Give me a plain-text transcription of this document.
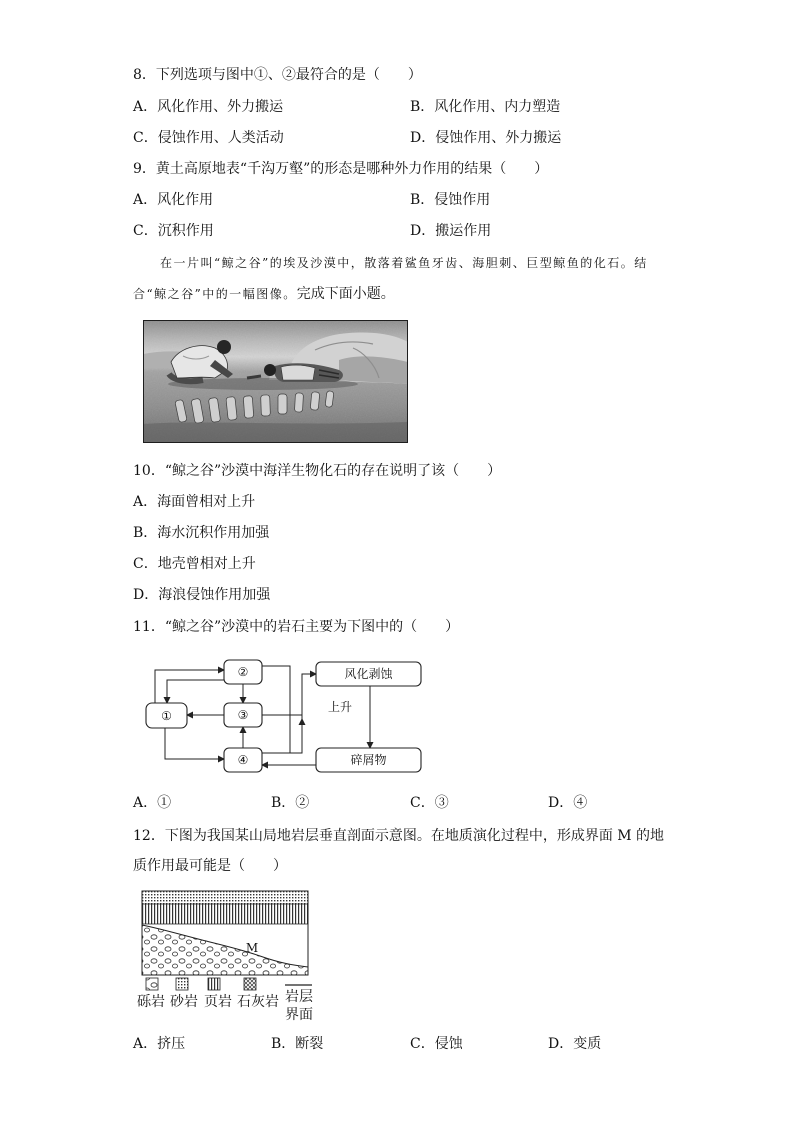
8．下列选项与图中①、②最符合的是（　　）
A．风化作用、外力搬运	B．风化作用、内力塑造
C．侵蚀作用、人类活动	D．侵蚀作用、外力搬运
9．黄土高原地表“千沟万壑”的形态是哪种外力作用的结果（　　）
A．风化作用	B．侵蚀作用
C．沉积作用	D．搬运作用
在一片叫“鲸之谷”的埃及沙漠中，散落着鲨鱼牙齿、海胆刺、巨型鲸鱼的化石。结
合“鲸之谷”中的一幅图像。完成下面小题。
10．“鲸之谷”沙漠中海洋生物化石的存在说明了该（　　）
A．海面曾相对上升
B．海水沉积作用加强
C．地壳曾相对上升
D．海浪侵蚀作用加强
11．“鲸之谷”沙漠中的岩石主要为下图中的（　　）
②
①	③
④
风化剥蚀
碎屑物
上升
A．①	B．②	C．③	D．④
12．下图为我国某山局地岩层垂直剖面示意图。在地质演化过程中，形成界面 M 的地
质作用最可能是（　　）
M
砾岩 砂岩 页岩 石灰岩 岩层
界面
A．挤压	B．断裂	C．侵蚀	D．变质
